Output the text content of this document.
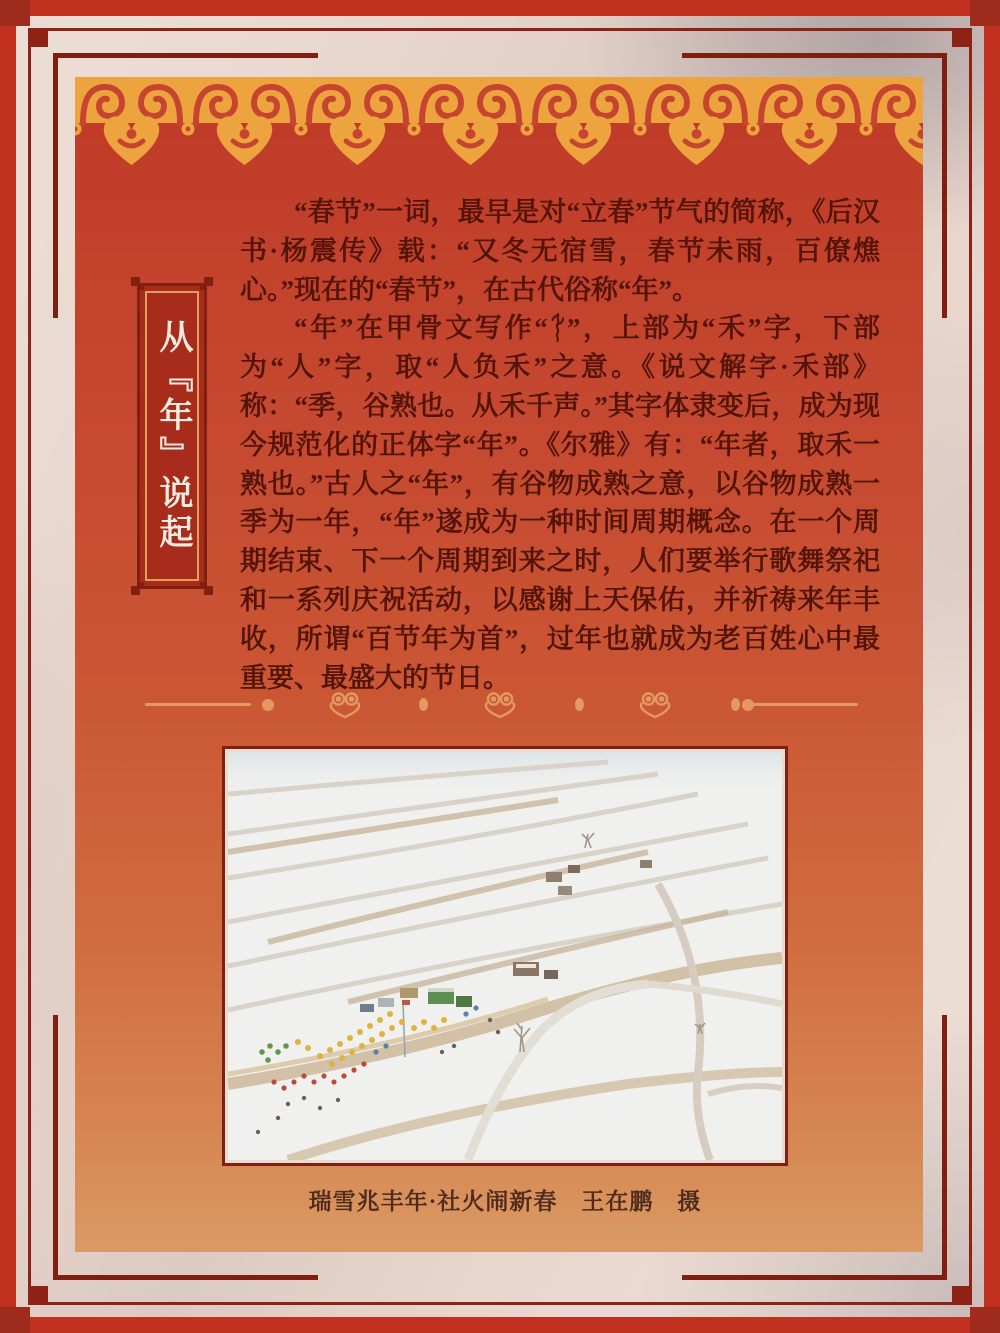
从『年』说起

“春节”一词，最早是对“立春”节气的简称，《后汉书·杨震传》载：“又冬无宿雪，春节未雨，百僚燋心。”现在的“春节”，在古代俗称“年”。

“年”在甲骨文写作“ ”，上部为“禾”字，下部为“人”字，取“人负禾”之意。《说文解字·禾部》称：“季，谷熟也。从禾千声。”其字体隶变后，成为现今规范化的正体字“年”。《尔雅》有：“年者，取禾一熟也。”古人之“年”，有谷物成熟之意，以谷物成熟一季为一年，“年”遂成为一种时间周期概念。在一个周期结束、下一个周期到来之时，人们要举行歌舞祭祀和一系列庆祝活动，以感谢上天保佑，并祈祷来年丰收，所谓“百节年为首”，过年也就成为老百姓心中最重要、最盛大的节日。

瑞雪兆丰年·社火闹新春　王在鹏　摄
